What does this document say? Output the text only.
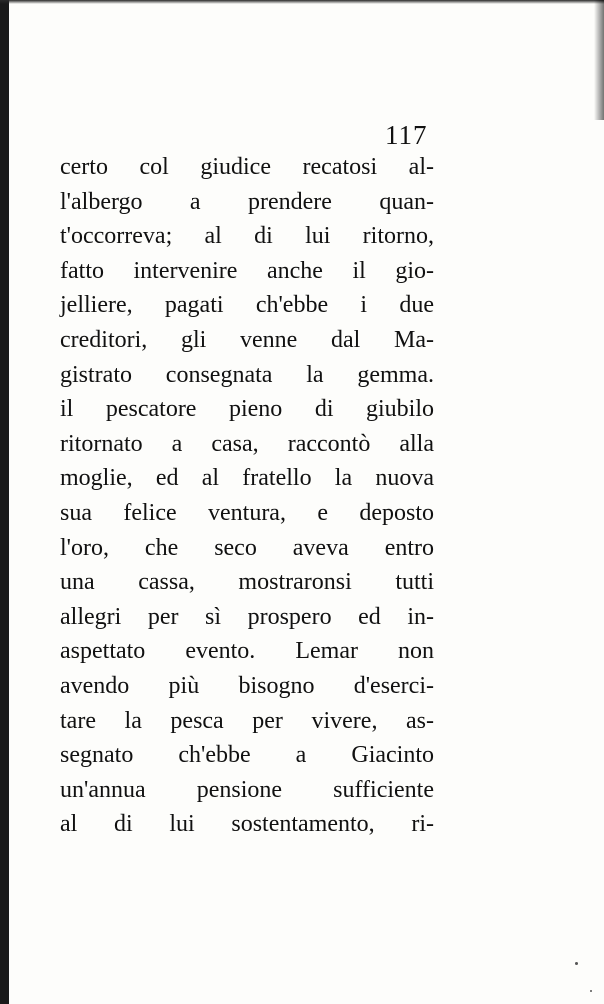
117
certo col giudice recatosi al-
l'albergo a prendere quan-
t'occorreva; al di lui ritorno,
fatto intervenire anche il gio-
jelliere, pagati ch'ebbe i due
creditori, gli venne dal Ma-
gistrato consegnata la gemma.
il pescatore pieno di giubilo
ritornato a casa, raccontò alla
moglie, ed al fratello la nuova
sua felice ventura, e deposto
l'oro, che seco aveva entro
una cassa, mostraronsi tutti
allegri per sì prospero ed in-
aspettato evento. Lemar non
avendo più bisogno d'eserci-
tare la pesca per vivere, as-
segnato ch'ebbe a Giacinto
un'annua pensione sufficiente
al di lui sostentamento, ri-
